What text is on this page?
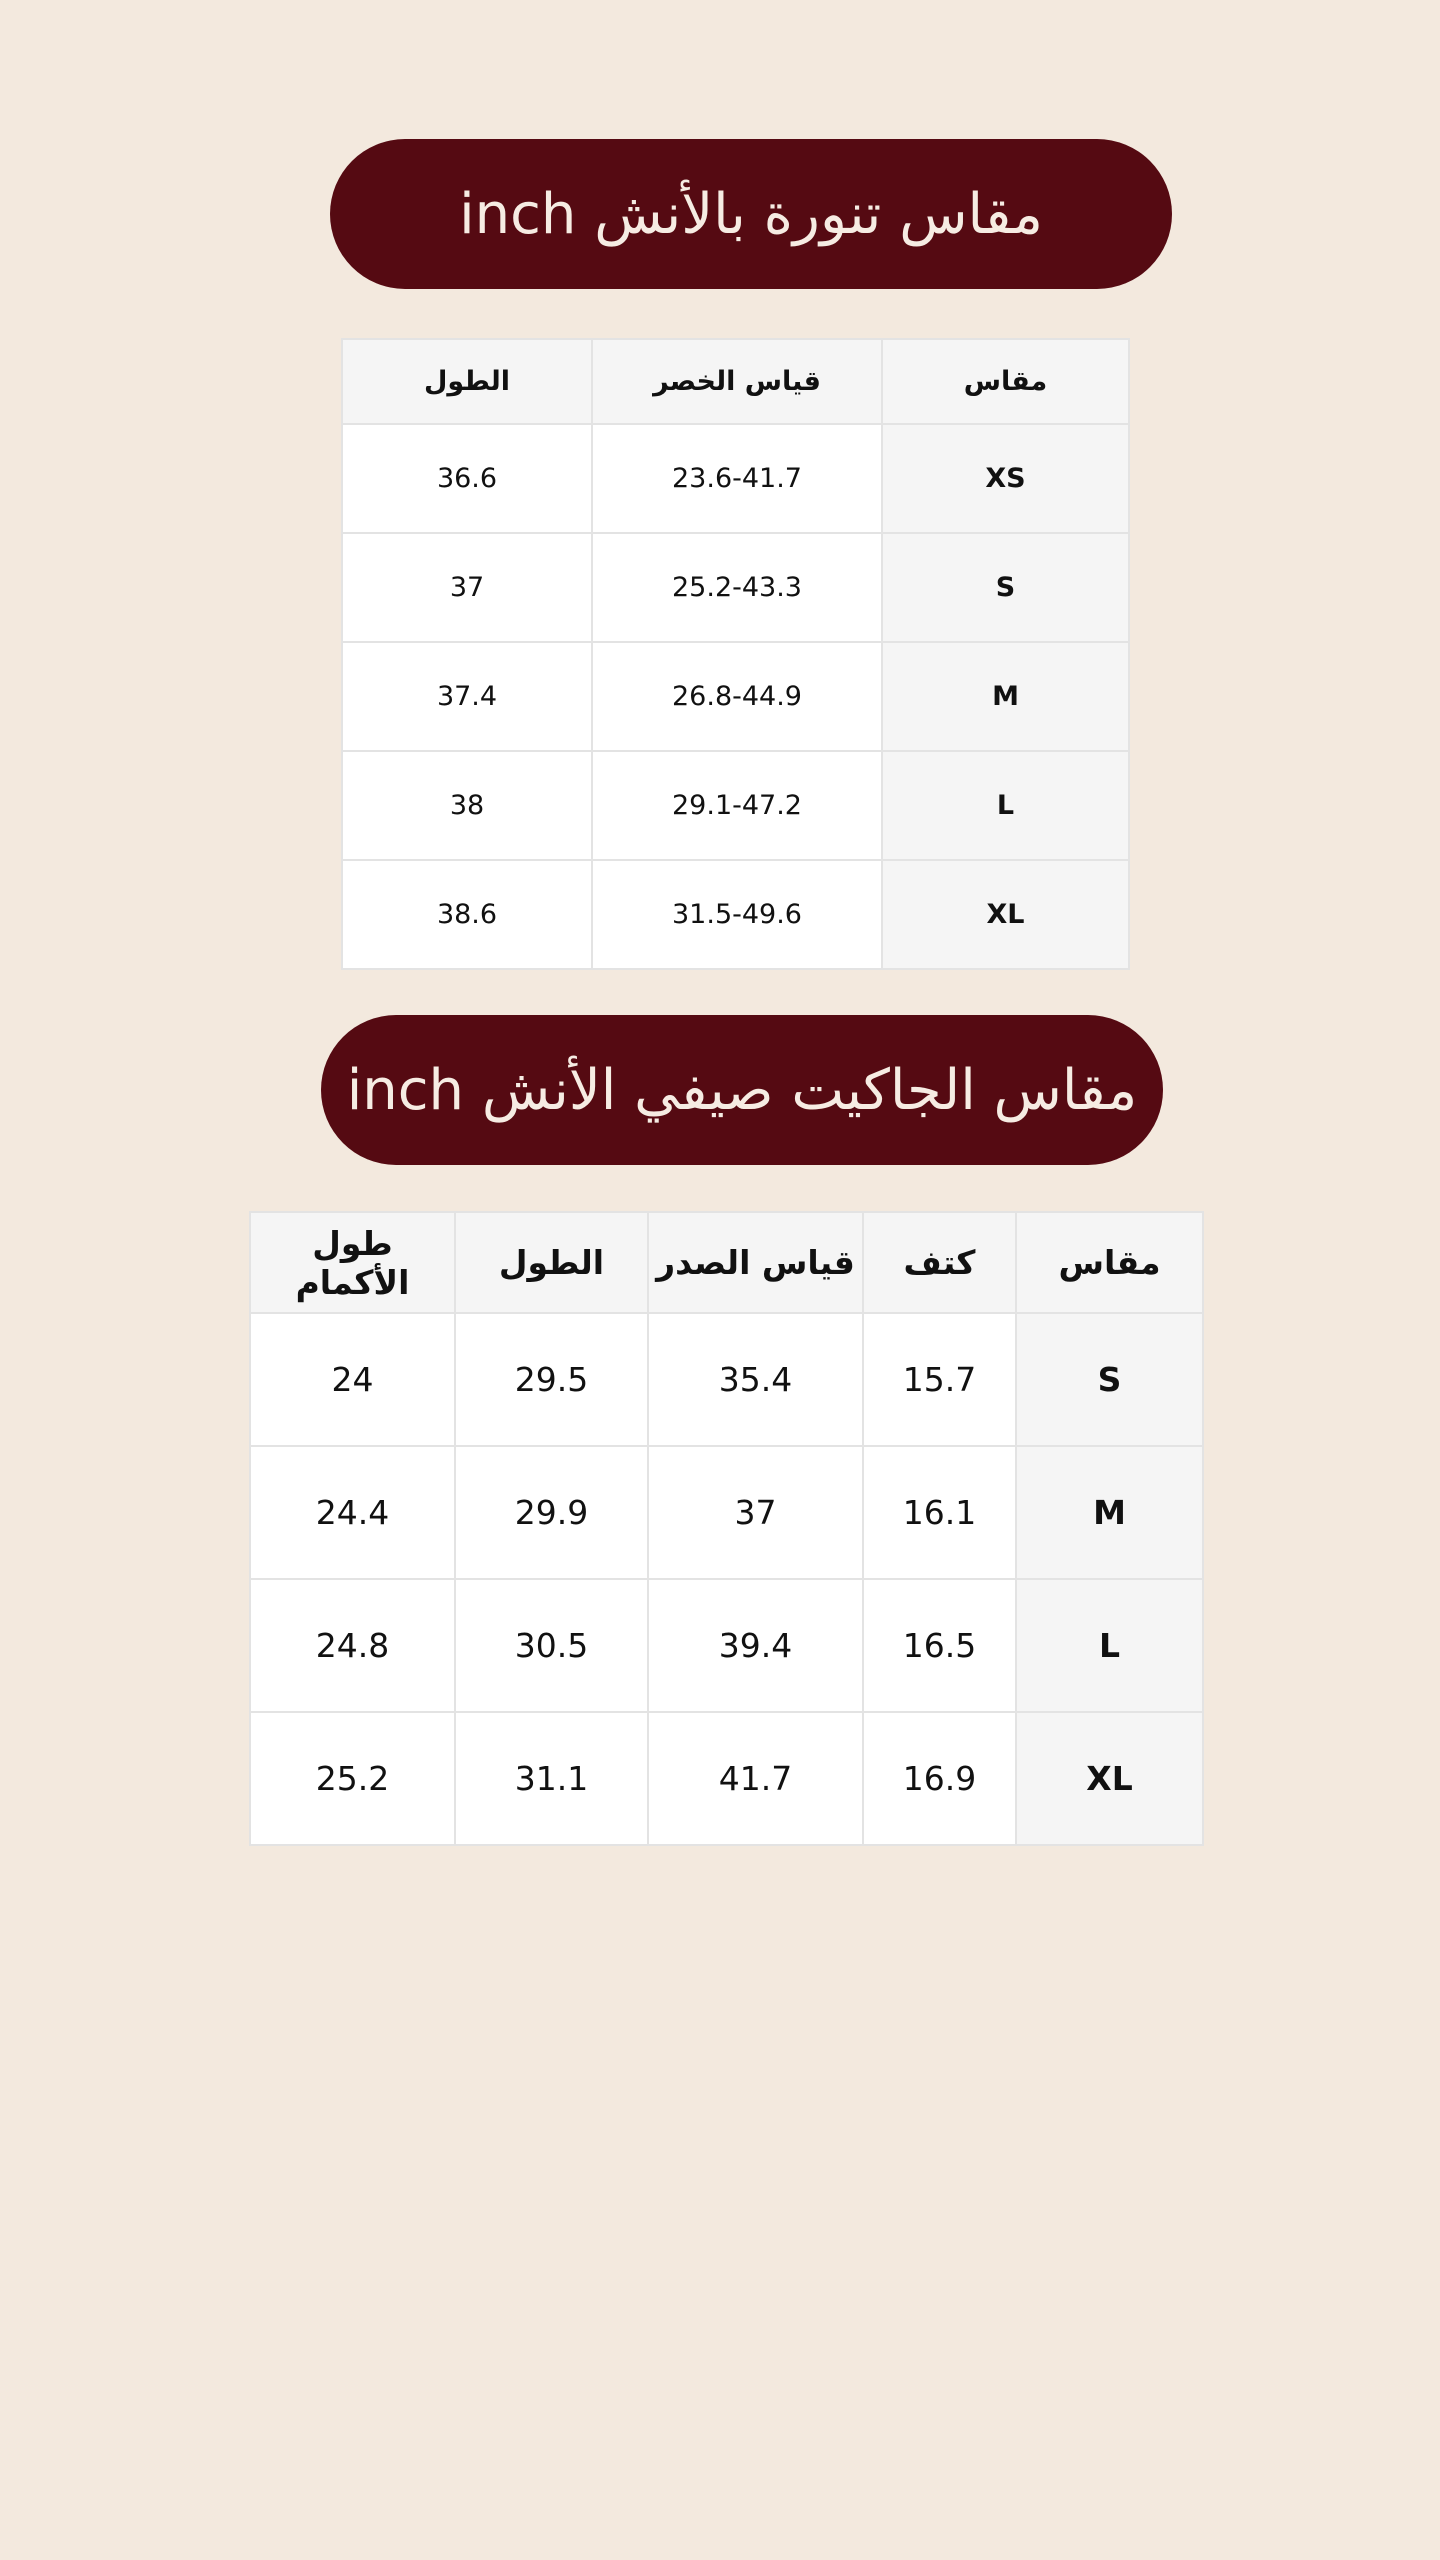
مقاس تنورة بالأنش inch
مقاس	قياس الخصر	الطول
XS	23.6-41.7	36.6
S	25.2-43.3	37
M	26.8-44.9	37.4
L	29.1-47.2	38
XL	31.5-49.6	38.6
مقاس الجاكيت صيفي الأنش inch
مقاس	كتف	قياس الصدر	الطول	طول الأكمام
S	15.7	35.4	29.5	24
M	16.1	37	29.9	24.4
L	16.5	39.4	30.5	24.8
XL	16.9	41.7	31.1	25.2
